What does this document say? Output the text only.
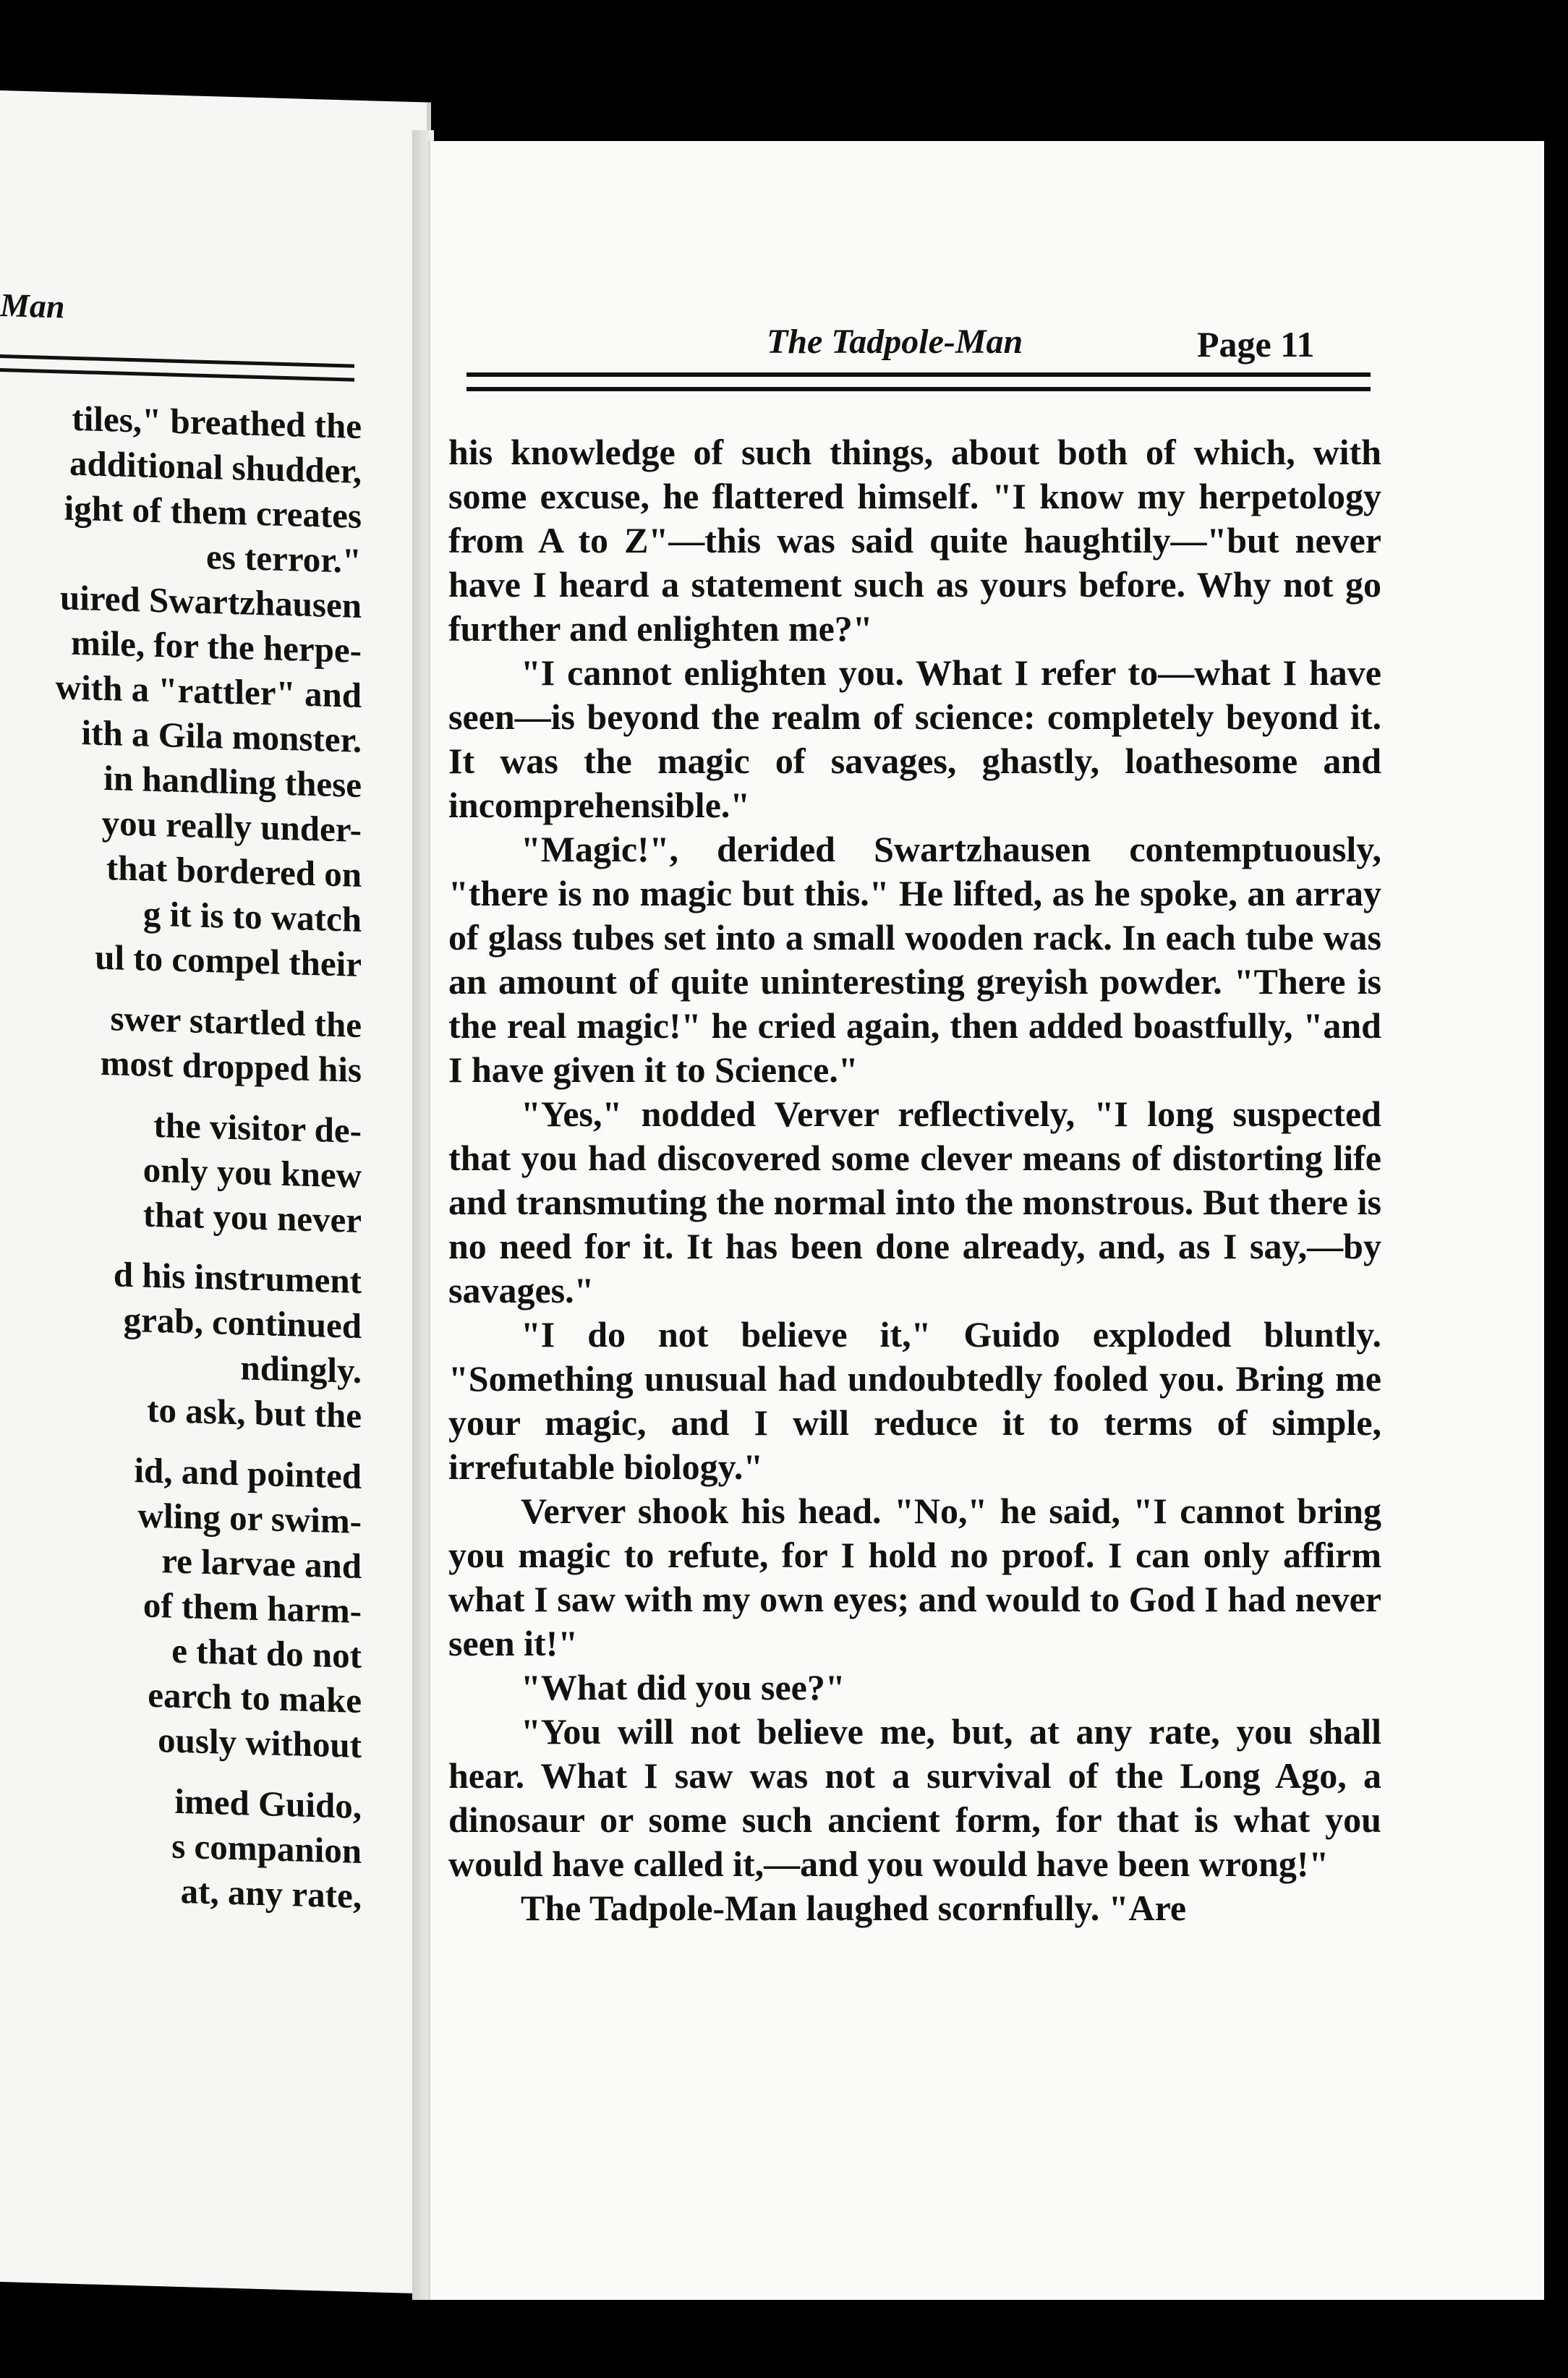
Man
tiles," breathed the
additional shudder,
ight of them creates
es terror."
uired Swartzhausen
mile, for the herpe-
with a "rattler" and
ith a Gila monster.
in handling these
you really under-
that bordered on
g it is to watch
ul to compel their
swer startled the
most dropped his
the visitor de-
only you knew
that you never
d his instrument
grab, continued
ndingly.
to ask, but the
id, and pointed
wling or swim-
re larvae and
of them harm-
e that do not
earch to make
ously without
imed Guido,
s companion
at, any rate,
The Tadpole-Man	Page 11

his knowledge of such things, about both of which, with some excuse, he flattered himself. "I know my herpetology from A to Z"—this was said quite haughtily—"but never have I heard a statement such as yours before. Why not go further and enlighten me?"

"I cannot enlighten you. What I refer to—what I have seen—is beyond the realm of science: completely beyond it. It was the magic of savages, ghastly, loathesome and incomprehensible."

"Magic!", derided Swartzhausen contemptuously, "there is no magic but this." He lifted, as he spoke, an array of glass tubes set into a small wooden rack. In each tube was an amount of quite uninteresting greyish powder. "There is the real magic!" he cried again, then added boastfully, "and I have given it to Science."

"Yes," nodded Verver reflectively, "I long suspected that you had discovered some clever means of distorting life and transmuting the normal into the monstrous. But there is no need for it. It has been done already, and, as I say,—by savages."

"I do not believe it," Guido exploded bluntly. "Something unusual had undoubtedly fooled you. Bring me your magic, and I will reduce it to terms of simple, irrefutable biology."

Verver shook his head. "No," he said, "I cannot bring you magic to refute, for I hold no proof. I can only affirm what I saw with my own eyes; and would to God I had never seen it!"

"What did you see?"

"You will not believe me, but, at any rate, you shall hear. What I saw was not a survival of the Long Ago, a dinosaur or some such ancient form, for that is what you would have called it,—and you would have been wrong!"

The Tadpole-Man laughed scornfully. "Are
